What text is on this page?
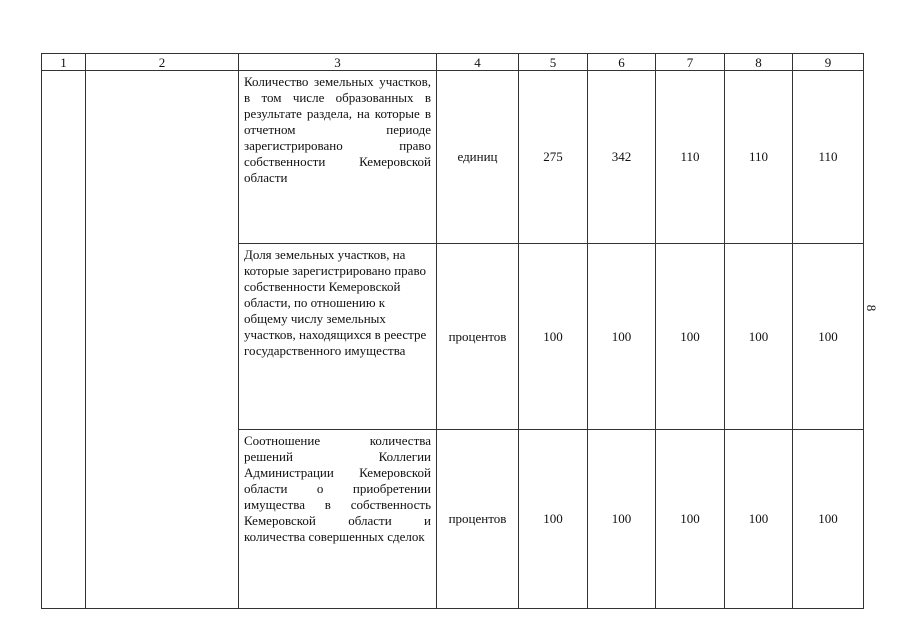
1	2	3	4	5	6	7	8	9

		Количество земельных участков, в том числе образованных в результате раздела, на которые в отчетном периоде зарегистрировано право собственности Кемеровской области	единиц	275	342	110	110	110

		Доля земельных участков, на которые зарегистрировано право собственности Кемеровской области, по отношению к общему числу земельных участков, находящихся в реестре государственного имущества	процентов	100	100	100	100	100

		Соотношение количества решений Коллегии Администрации Кемеровской области о приобретении имущества в собственность Кемеровской области и количества совершенных сделок	процентов	100	100	100	100	100
8
